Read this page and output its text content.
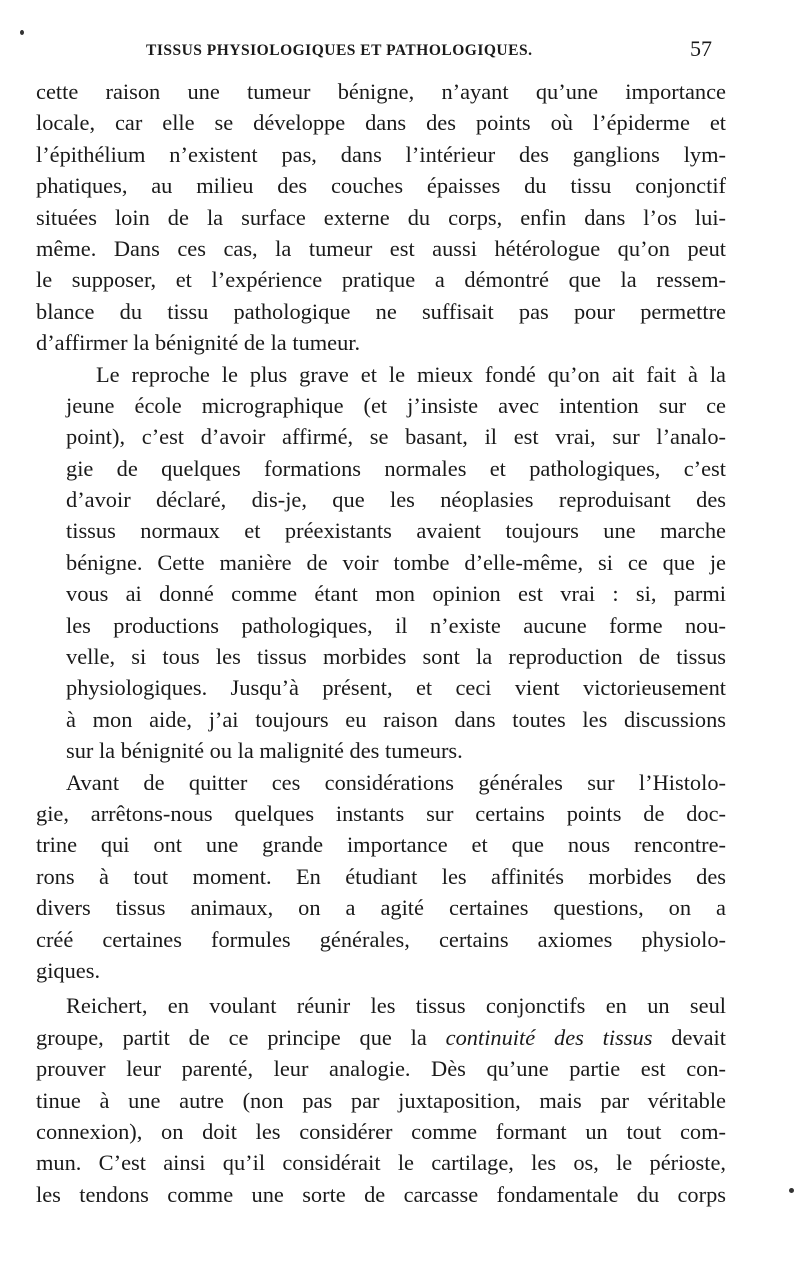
TISSUS PHYSIOLOGIQUES ET PATHOLOGIQUES.	57
cette raison une tumeur bénigne, n’ayant qu’une importance
locale, car elle se développe dans des points où l’épiderme et
l’épithélium n’existent pas, dans l’intérieur des ganglions lym-
phatiques, au milieu des couches épaisses du tissu conjonctif
situées loin de la surface externe du corps, enfin dans l’os lui-
même. Dans ces cas, la tumeur est aussi hétérologue qu’on peut
le supposer, et l’expérience pratique a démontré que la ressem-
blance du tissu pathologique ne suffisait pas pour permettre
d’affirmer la bénignité de la tumeur.
Le reproche le plus grave et le mieux fondé qu’on ait fait à la
jeune école micrographique (et j’insiste avec intention sur ce
point), c’est d’avoir affirmé, se basant, il est vrai, sur l’analo-
gie de quelques formations normales et pathologiques, c’est
d’avoir déclaré, dis-je, que les néoplasies reproduisant des
tissus normaux et préexistants avaient toujours une marche
bénigne. Cette manière de voir tombe d’elle-même, si ce que je
vous ai donné comme étant mon opinion est vrai : si, parmi
les productions pathologiques, il n’existe aucune forme nou-
velle, si tous les tissus morbides sont la reproduction de tissus
physiologiques. Jusqu’à présent, et ceci vient victorieusement
à mon aide, j’ai toujours eu raison dans toutes les discussions
sur la bénignité ou la malignité des tumeurs.
Avant de quitter ces considérations générales sur l’Histolo-
gie, arrêtons-nous quelques instants sur certains points de doc-
trine qui ont une grande importance et que nous rencontre-
rons à tout moment. En étudiant les affinités morbides des
divers tissus animaux, on a agité certaines questions, on a
créé certaines formules générales, certains axiomes physiolo-
giques.
Reichert, en voulant réunir les tissus conjonctifs en un seul
groupe, partit de ce principe que la continuité des tissus devait
prouver leur parenté, leur analogie. Dès qu’une partie est con-
tinue à une autre (non pas par juxtaposition, mais par véritable
connexion), on doit les considérer comme formant un tout com-
mun. C’est ainsi qu’il considérait le cartilage, les os, le périoste,
les tendons comme une sorte de carcasse fondamentale du corps
